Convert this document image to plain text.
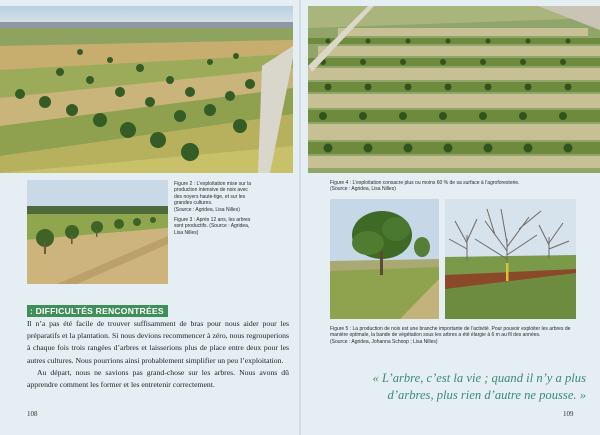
Figure 2 : L’exploitation mise sur la

production intensive de noix avec

des noyers haute-tige, et sur les

grandes cultures.

(Source : Agridea, Lisa Nilles)

Figure 3 : Après 12 ans, les arbres

sont productifs. (Source : Agridea,

Lisa Nilles)

Figure 4 : L’exploitation consacre plus ou moins 60 % de sa surface à l’agroforesterie.

(Source : Agridea, Lisa Nilles)

Figure 5 : La production de noix est une branche importante de l’activité. Pour pouvoir exploiter les arbres de

manière optimale, la bande de végétation sous les arbres a été élargie à 6 m au fil des années.

(Source : Agridea, Johanna Schoop ; Lisa Nilles)

: DIFFICULTÉS RENCONTRÉES

Il n’a pas été facile de trouver suffisamment de bras pour nous aider pour les préparatifs et la plantation. Si nous devions recommencer à zéro, nous regrouperions à chaque fois trois rangées d’arbres et laisserions plus de place entre deux pour les autres cultures. Nous pourrions ainsi probablement simplifier un peu l’exploitation.

Au départ, nous ne savions pas grand-chose sur les arbres. Nous avons dû apprendre comment les former et les entretenir correctement.	« L’arbre, c’est la vie ; quand il n’y a plus d’arbres, plus rien d’autre ne pousse. »
108	109
